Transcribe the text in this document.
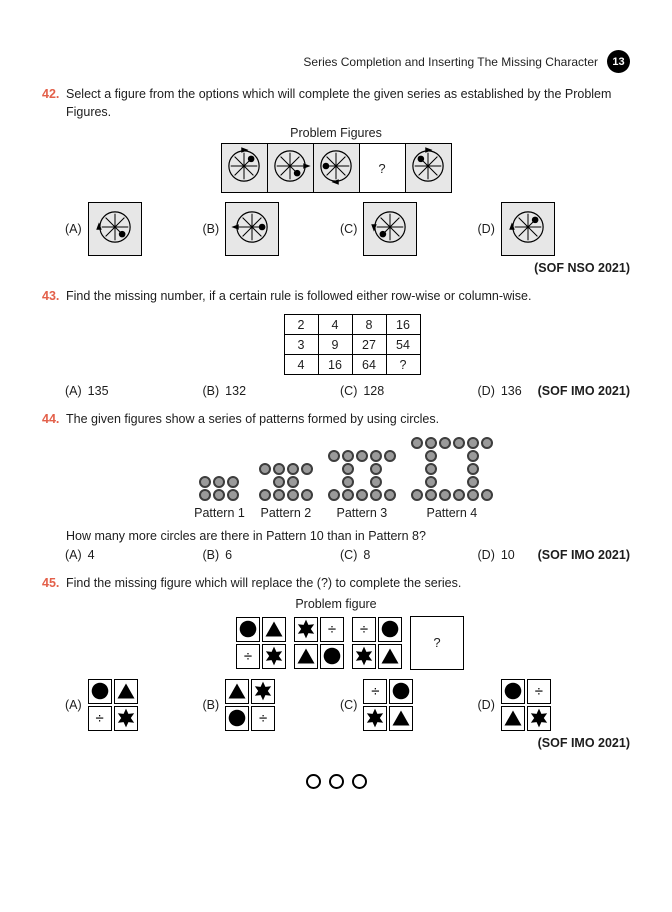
Series Completion and Inserting The Missing Character	13
42. Select a figure from the options which will complete the given series as established by the Problem Figures.
Problem Figures
?
(A)	(B)	(C)	(D)
(SOF NSO 2021)
43. Find the missing number, if a certain rule is followed either row-wise or column-wise.
2	4	8	16
3	9	27	54
4	16	64	?
(A) 135	(B) 132	(C) 128	(D) 136 (SOF IMO 2021)
44. The given figures show a series of patterns formed by using circles.
Pattern 1 Pattern 2 Pattern 3	Pattern 4
How many more circles are there in Pattern 10 than in Pattern 8?
(A) 4	(B) 6	(C) 8	(D) 10 (SOF IMO 2021)
45. Find the missing figure which will replace the (?) to complete the series.
Problem figure
÷
÷ ÷
?
(A)
÷
(B)
÷
(C)
÷
(D)
÷
(SOF IMO 2021)
